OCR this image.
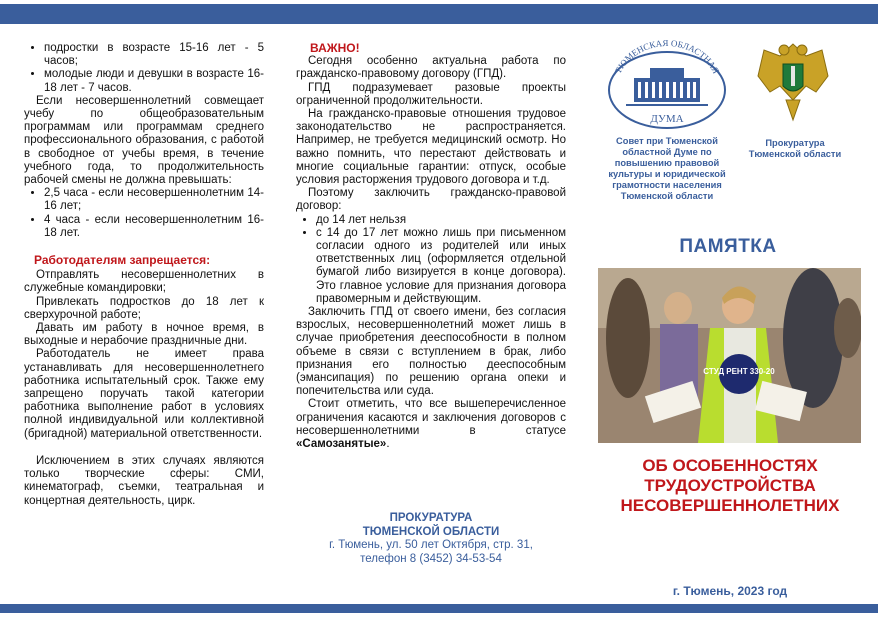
• подростки в возрасте 15-16 лет - 5 часов;
• молодые люди и девушки в возрасте 16-18 лет - 7 часов.

Если несовершеннолетний совмещает учебу по общеобразовательным программам или программам среднего профессионального образования, с работой в свободное от учебы время, в течение учебного года, то продолжительность рабочей смены не должна превышать:

• 2,5 часа - если несовершеннолетним 14-16 лет;
• 4 часа - если несовершеннолетним 16-18 лет.
Работодателям запрещается:

Отправлять несовершеннолетних в служебные командировки;

Привлекать подростков до 18 лет к сверхурочной работе;

Давать им работу в ночное время, в выходные и нерабочие праздничные дни.

Работодатель не имеет права устанавливать для несовершеннолетнего работника испытательный срок. Также ему запрещено поручать такой категории работника выполнение работ в условиях полной индивидуальной или коллективной (бригадной) материальной ответственности.

Исключением в этих случаях являются только творческие сферы: СМИ, кинематограф, съемки, театральная и концертная деятельность, цирк.

ВАЖНО!

Сегодня особенно актуальна работа по гражданско-правовому договору (ГПД).

ГПД подразумевает разовые проекты ограниченной продолжительности.

На гражданско-правовые отношения трудовое законодательство не распространяется. Например, не требуется медицинский осмотр. Но важно помнить, что перестают действовать и многие социальные гарантии: отпуск, особые условия расторжения трудового договора и т.д.

Поэтому заключить гражданско-правовой договор:

• до 14 лет нельзя
• с 14 до 17 лет можно лишь при письменном согласии одного из родителей или иных ответственных лиц (оформляется отдельной бумагой либо визируется в конце договора). Это главное условие для признания договора правомерным и действующим.

Заключить ГПД от своего имени, без согласия взрослых, несовершеннолетний может лишь в случае приобретения дееспособности в полном объеме в связи с вступлением в брак, либо признания его полностью дееспособным (эмансипация) по решению органа опеки и попечительства или суда.

Стоит отметить, что все вышеперечисленное ограничения касаются и заключения договоров с несовершеннолетними в статусе «Самозанятые».

ПРОКУРАТУРА
ТЮМЕНСКОЙ ОБЛАСТИ
г. Тюмень, ул. 50 лет Октября, стр. 31,
телефон 8 (3452) 34-53-54
ТЮМЕНСКАЯ ОБЛАСТНАЯ
ДУМА
Совет при Тюменской областной Думе по повышению правовой культуры и юридической грамотности населения Тюменской области
Прокуратура Тюменской области
ПАМЯТКА
СТУД РЕНТ 330-20
ОБ ОСОБЕННОСТЯХ ТРУДОУСТРОЙСТВА НЕСОВЕРШЕННОЛЕТНИХ
г. Тюмень, 2023 год
